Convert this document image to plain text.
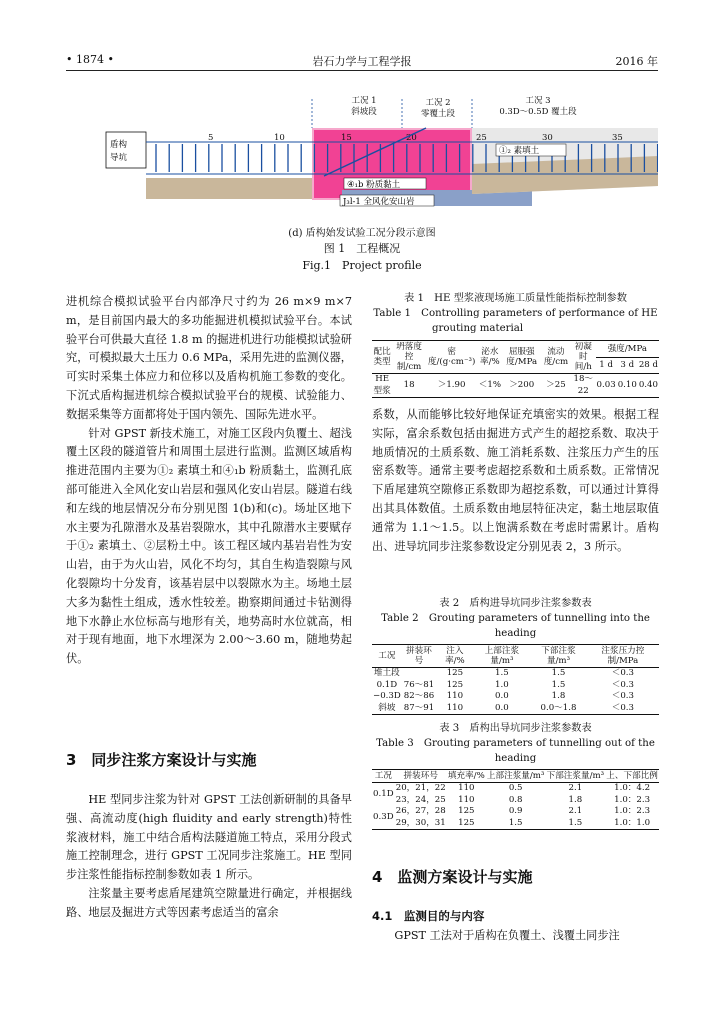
• 1874 •	岩石力学与工程学报	2016 年
工况 1
斜坡段
工况 2
零覆土段
工况 3
0.3D～0.5D 覆土段
盾构
导坑
5	10	15	20	25	30	35
①₂ 素填土
④₁b 粉质黏土
J₃l-1 全风化安山岩
(d) 盾构始发试验工况分段示意图
图 1　工程概况
Fig.1　Project profile

进机综合模拟试验平台内部净尺寸约为 26 m×9 m×7 m，是目前国内最大的多功能掘进机模拟试验平台。本试验平台可供最大直径 1.8 m 的掘进机进行功能模拟试验研究，可模拟最大土压力 0.6 MPa，采用先进的监测仪器，可实时采集土体应力和位移以及盾构机施工参数的变化。下沉式盾构掘进机综合模拟试验平台的规模、试验能力、数据采集等方面都将处于国内领先、国际先进水平。

针对 GPST 新技术施工，对施工区段内负覆土、超浅覆土区段的隧道管片和周围土层进行监测。监测区域盾构推进范围内主要为①₂ 素填土和④₁b 粉质黏土，监测孔底部可能进入全风化安山岩层和强风化安山岩层。隧道右线和左线的地层情况分布分别见图 1(b)和(c)。场址区地下水主要为孔隙潜水及基岩裂隙水，其中孔隙潜水主要赋存于①₂ 素填土、②层粉土中。该工程区域内基岩岩性为安山岩，由于为火山岩，风化不均匀，其自生构造裂隙与风化裂隙均十分发育，该基岩层中以裂隙水为主。场地土层大多为黏性土组成，透水性较差。勘察期间通过卡钻测得地下水静止水位标高与地形有关，地势高时水位就高，相对于现有地面，地下水埋深为 2.00～3.60 m，随地势起伏。

3　同步注浆方案设计与实施

HE 型同步注浆为针对 GPST 工法创新研制的具备早强、高流动度(high fluidity and early strength)特性浆液材料，施工中结合盾构法隧道施工特点，采用分段式施工控制理念，进行 GPST 工况同步注浆施工。HE 型同步注浆性能指标控制参数如表 1 所示。

注浆量主要考虑盾尾建筑空隙量进行确定，并根据线路、地层及掘进方式等因素考虑适当的富余

表 1　HE 型浆液现场施工质量性能指标控制参数
Table 1　Controlling parameters of performance of HE
grouting material
配比类型	坍落度控制/cm	密度/(g·cm⁻³)	泌水率/%	屈服强度/MPa	流动度/cm	初凝时间/h	强度/MPa		
							1 d	3 d	28 d
HE 型浆	18	＞1.90	＜1%	＞200	＞25	18～22	0.03	0.10	0.40

系数，从而能够比较好地保证充填密实的效果。根据工程实际，富余系数包括由掘进方式产生的超挖系数、取决于地质情况的土质系数、施工消耗系数、注浆压力产生的压密系数等。通常主要考虑超挖系数和土质系数。正常情况下盾尾建筑空隙修正系数即为超挖系数，可以通过计算得出其具体数值。土质系数由地层特征决定，黏土地层取值通常为 1.1～1.5。以上饱满系数在考虑时需累计。盾构出、进导坑同步注浆参数设定分别见表 2，3 所示。

表 2　盾构进导坑同步注浆参数表
Table 2　Grouting parameters of tunnelling into the heading
工况	拼装环号	注入率/%	上部注浆量/m³	下部注浆量/m³	注浆压力控制/MPa
堆土段		125	1.5	1.5	＜0.3
0.1D	76～81	125	1.0	1.5	＜0.3
−0.3D	82～86	110	0.0	1.8	＜0.3
斜坡	87～91	110	0.0	0.0～1.8	＜0.3
表 3　盾构出导坑同步注浆参数表
Table 3　Grouting parameters of tunnelling out of the heading
工况	拼装环号	填充率/%	上部注浆量/m³	下部注浆量/m³	上、下部比例
0.1D	20，21，22	110	0.5	2.1	1.0：4.2
	23，24，25	110	0.8	1.8	1.0：2.3
0.3D	26，27，28	125	0.9	2.1	1.0：2.3
	29，30，31	125	1.5	1.5	1.0：1.0
4　监测方案设计与实施
4.1　监测目的与内容

GPST 工法对于盾构在负覆土、浅覆土同步注
